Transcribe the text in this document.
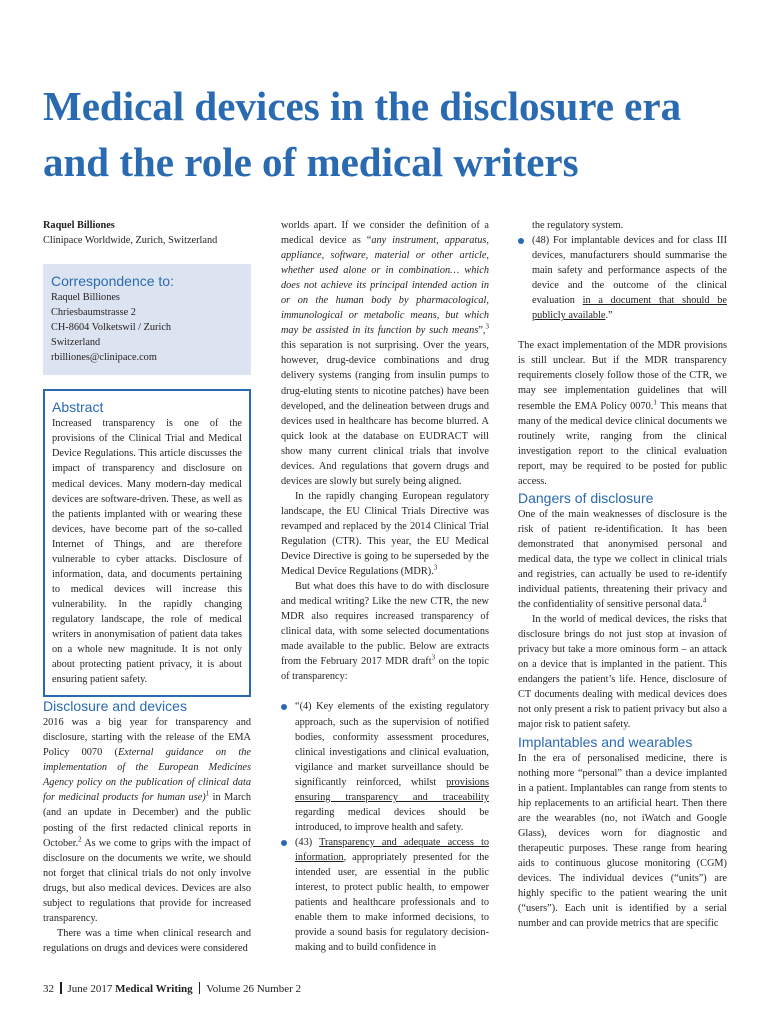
Medical devices in the disclosure era
and the role of medical writers

Raquel Billiones

Clinipace Worldwide, Zurich, Switzerland

Correspondence to:

Raquel Billiones
Chriesbaumstrasse 2
CH-8604 Volketswil / Zurich
Switzerland
rbilliones@clinipace.com

Abstract

Increased transparency is one of the provisions of the Clinical Trial and Medical Device Regulations. This article discusses the impact of transparency and disclosure on medical devices. Many modern-day medical devices are software-driven. These, as well as the patients implanted with or wearing these devices, have become part of the so-called Internet of Things, and are therefore vulnerable to cyber attacks. Disclosure of information, data, and documents pertaining to medical devices will increase this vulnerability. In the rapidly changing regulatory landscape, the role of medical writers in anonymisation of patient data takes on a whole new magnitude. It is not only about protecting patient privacy, it is about ensuring patient safety.

Disclosure and devices

2016 was a big year for transparency and disclosure, starting with the release of the EMA Policy 0070 (External guidance on the implementation of the European Medicines Agency policy on the publication of clinical data for medicinal products for human use)$^1$ in March (and an update in December) and the public posting of the first redacted clinical reports in October.$^2$ As we come to grips with the impact of disclosure on the documents we write, we should not forget that clinical trials do not only involve drugs, but also medical devices. Devices are also subject to regulations that provide for increased transparency.

There was a time when clinical research and regulations on drugs and devices were considered

worlds apart. If we consider the definition of a medical device as “any instrument, apparatus, appliance, software, material or other article, whether used alone or in combination… which does not achieve its principal intended action in or on the human body by pharmacological, immunological or metabolic means, but which may be assisted in its function by such means”,$^3$ this separation is not surprising. Over the years, however, drug-device combinations and drug delivery systems (ranging from insulin pumps to drug-eluting stents to nicotine patches) have been developed, and the delineation between drugs and devices used in healthcare has become blurred. A quick look at the database on EUDRACT will show many current clinical trials that involve devices. And regulations that govern drugs and devices are slowly but surely being aligned.

In the rapidly changing European regulatory landscape, the EU Clinical Trials Directive was revamped and replaced by the 2014 Clinical Trial Regulation (CTR). This year, the EU Medical Device Directive is going to be superseded by the Medical Device Regulations (MDR).$^3$

But what does this have to do with disclosure and medical writing? Like the new CTR, the new MDR also requires increased transparency of clinical data, with some selected documentations made available to the public. Below are extracts from the February 2017 MDR draft$^3$ on the topic of transparency:

“(4) Key elements of the existing regulatory approach, such as the supervision of notified bodies, conformity assessment procedures, clinical investigations and clinical evaluation, vigilance and market surveillance should be significantly reinforced, whilst provisions ensuring transparency and traceability regarding medical devices should be introduced, to improve health and safety.

(43) Transparency and adequate access to information, appropriately presented for the intended user, are essential in the public interest, to protect public health, to empower patients and healthcare professionals and to enable them to make informed decisions, to provide a sound basis for regulatory decision-making and to build confidence in

the regulatory system.

(48) For implantable devices and for class III devices, manufacturers should summarise the main safety and performance aspects of the device and the outcome of the clinical evaluation in a document that should be publicly available.”

The exact implementation of the MDR provisions is still unclear. But if the MDR transparency requirements closely follow those of the CTR, we may see implementation guidelines that will resemble the EMA Policy 0070.$^1$ This means that many of the medical device clinical documents we routinely write, ranging from the clinical investigation report to the clinical evaluation report, may be required to be posted for public access.

Dangers of disclosure

One of the main weaknesses of disclosure is the risk of patient re-identification. It has been demonstrated that anonymised personal and medical data, the type we collect in clinical trials and registries, can actually be used to re-identify individual patients, threatening their privacy and the confidentiality of sensitive personal data.$^4$

In the world of medical devices, the risks that disclosure brings do not just stop at invasion of privacy but take a more ominous form – an attack on a device that is implanted in the patient. This endangers the patient’s life. Hence, disclosure of CT documents dealing with medical devices does not only present a risk to patient privacy but also a major risk to patient safety.

Implantables and wearables

In the era of personalised medicine, there is nothing more “personal” than a device implanted in a patient. Implantables can range from stents to hip replacements to an artificial heart. Then there are the wearables (no, not iWatch and Google Glass), devices worn for diagnostic and therapeutic purposes. These range from hearing aids to continuous glucose monitoring (CGM) devices. The individual devices (“units”) are highly specific to the patient wearing the unit (“users”). Each unit is identified by a serial number and can provide metrics that are specific

32 June 2017 Medical Writing Volume 26 Number 2
